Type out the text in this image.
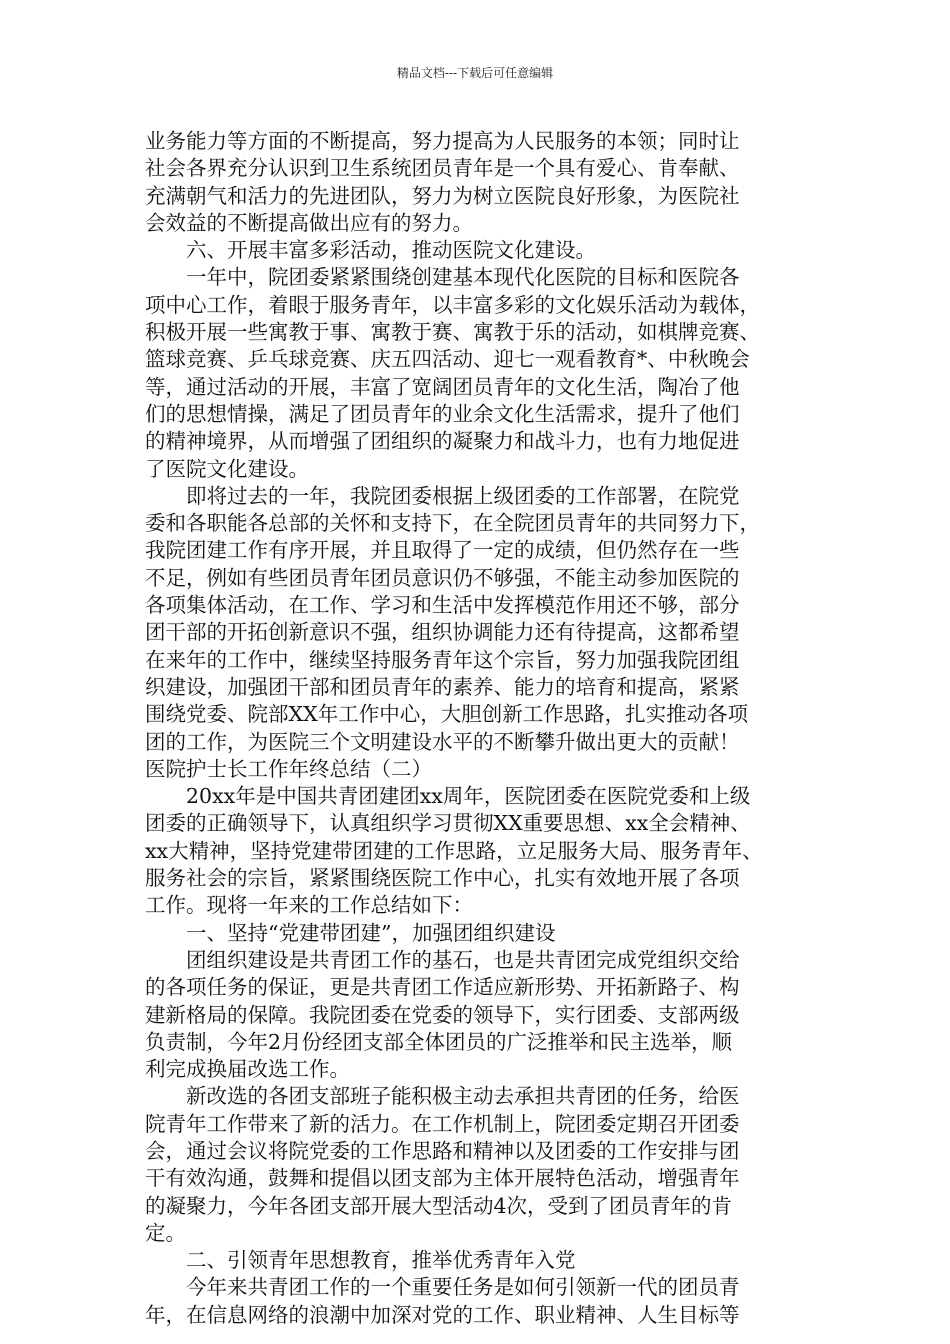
精品文档---下载后可任意编辑
业务能力等方面的不断提高，努力提高为人民服务的本领；同时让
社会各界充分认识到卫生系统团员青年是一个具有爱心、肯奉献、
充满朝气和活力的先进团队，努力为树立医院良好形象，为医院社
会效益的不断提高做出应有的努力。
六、开展丰富多彩活动，推动医院文化建设。
一年中，院团委紧紧围绕创建基本现代化医院的目标和医院各
项中心工作，着眼于服务青年，以丰富多彩的文化娱乐活动为载体，
积极开展一些寓教于事、寓教于赛、寓教于乐的活动，如棋牌竞赛、
篮球竞赛、乒乓球竞赛、庆五四活动、迎七一观看教育*、中秋晚会
等，通过活动的开展，丰富了宽阔团员青年的文化生活，陶冶了他
们的思想情操，满足了团员青年的业余文化生活需求，提升了他们
的精神境界，从而增强了团组织的凝聚力和战斗力，也有力地促进
了医院文化建设。
即将过去的一年，我院团委根据上级团委的工作部署，在院党
委和各职能各总部的关怀和支持下，在全院团员青年的共同努力下，
我院团建工作有序开展，并且取得了一定的成绩，但仍然存在一些
不足，例如有些团员青年团员意识仍不够强，不能主动参加医院的
各项集体活动，在工作、学习和生活中发挥模范作用还不够，部分
团干部的开拓创新意识不强，组织协调能力还有待提高，这都希望
在来年的工作中，继续坚持服务青年这个宗旨，努力加强我院团组
织建设，加强团干部和团员青年的素养、能力的培育和提高，紧紧
围绕党委、院部XX年工作中心，大胆创新工作思路，扎实推动各项
团的工作，为医院三个文明建设水平的不断攀升做出更大的贡献！
医院护士长工作年终总结（二）
20xx年是中国共青团建团xx周年，医院团委在医院党委和上级
团委的正确领导下，认真组织学习贯彻XX重要思想、xx全会精神、
xx大精神，坚持党建带团建的工作思路，立足服务大局、服务青年、
服务社会的宗旨，紧紧围绕医院工作中心，扎实有效地开展了各项
工作。现将一年来的工作总结如下：
一、坚持“党建带团建”，加强团组织建设
团组织建设是共青团工作的基石，也是共青团完成党组织交给
的各项任务的保证，更是共青团工作适应新形势、开拓新路子、构
建新格局的保障。我院团委在党委的领导下，实行团委、支部两级
负责制，今年2月份经团支部全体团员的广泛推举和民主选举，顺
利完成换届改选工作。
新改选的各团支部班子能积极主动去承担共青团的任务，给医
院青年工作带来了新的活力。在工作机制上，院团委定期召开团委
会，通过会议将院党委的工作思路和精神以及团委的工作安排与团
干有效沟通，鼓舞和提倡以团支部为主体开展特色活动，增强青年
的凝聚力，今年各团支部开展大型活动4次，受到了团员青年的肯
定。
二、引领青年思想教育，推举优秀青年入党
今年来共青团工作的一个重要任务是如何引领新一代的团员青
年，在信息网络的浪潮中加深对党的工作、职业精神、人生目标等
